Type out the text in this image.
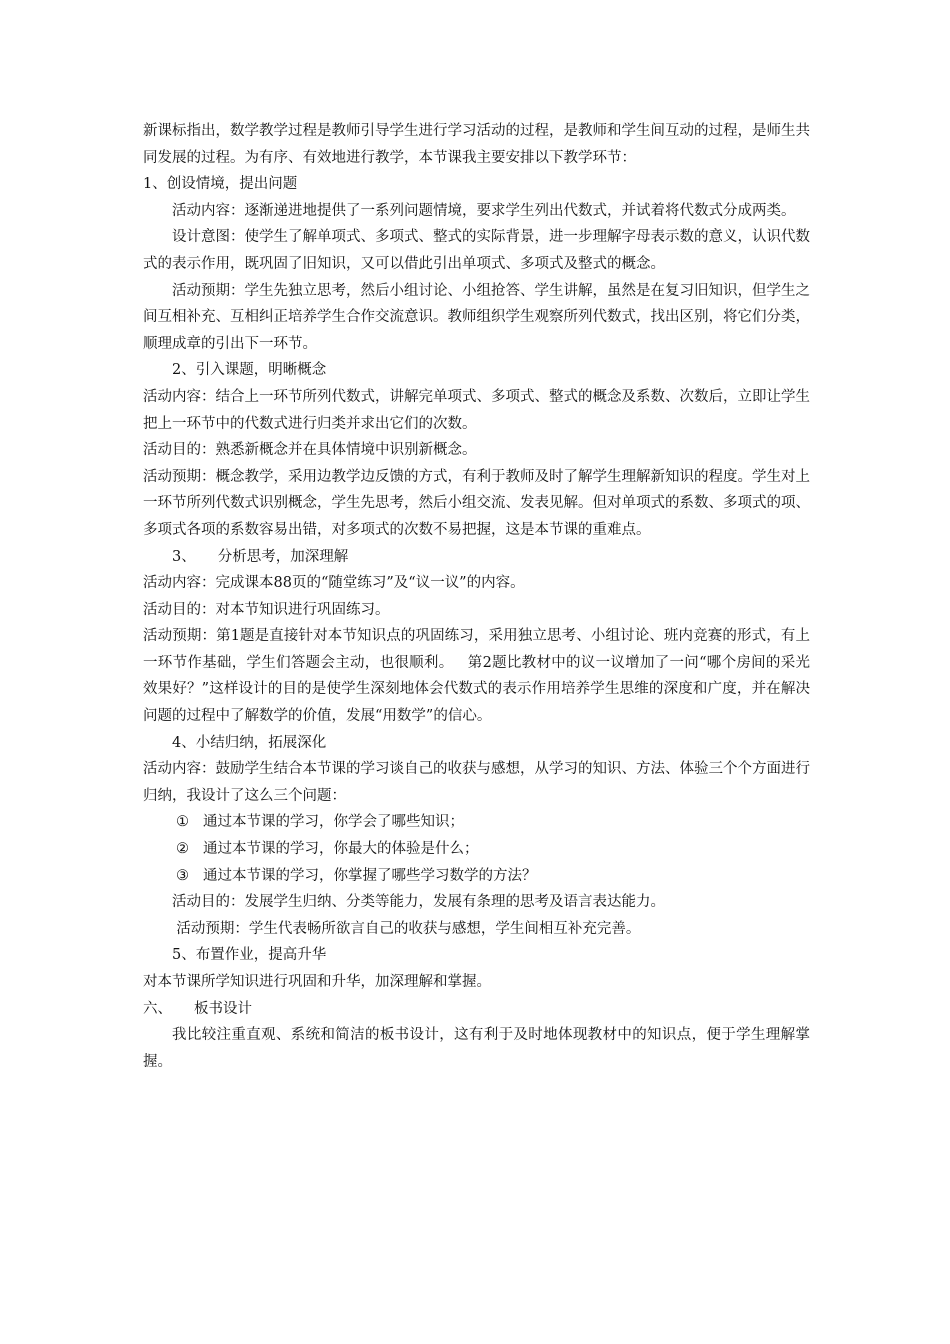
新课标指出，数学教学过程是教师引导学生进行学习活动的过程，是教师和学生间互动的过程，是师生共同发展的过程。为有序、有效地进行教学，本节课我主要安排以下教学环节：

1、创设情境，提出问题

活动内容：逐渐递进地提供了一系列问题情境，要求学生列出代数式，并试着将代数式分成两类。

设计意图：使学生了解单项式、多项式、整式的实际背景，进一步理解字母表示数的意义，认识代数式的表示作用，既巩固了旧知识，又可以借此引出单项式、多项式及整式的概念。

活动预期：学生先独立思考，然后小组讨论、小组抢答、学生讲解，虽然是在复习旧知识，但学生之间互相补充、互相纠正培养学生合作交流意识。教师组织学生观察所列代数式，找出区别，将它们分类，顺理成章的引出下一环节。

2、引入课题，明晰概念

活动内容：结合上一环节所列代数式，讲解完单项式、多项式、整式的概念及系数、次数后，立即让学生把上一环节中的代数式进行归类并求出它们的次数。

活动目的：熟悉新概念并在具体情境中识别新概念。

活动预期：概念教学，采用边教学边反馈的方式，有利于教师及时了解学生理解新知识的程度。学生对上一环节所列代数式识别概念，学生先思考，然后小组交流、发表见解。但对单项式的系数、多项式的项、多项式各项的系数容易出错，对多项式的次数不易把握，这是本节课的重难点。

3、 分析思考，加深理解

活动内容：完成课本88页的“随堂练习”及“议一议”的内容。

活动目的：对本节知识进行巩固练习。

活动预期：第1题是直接针对本节知识点的巩固练习，采用独立思考、小组讨论、班内竞赛的形式，有上一环节作基础，学生们答题会主动，也很顺利。 第2题比教材中的议一议增加了一问“哪个房间的采光效果好？”这样设计的目的是使学生深刻地体会代数式的表示作用培养学生思维的深度和广度，并在解决问题的过程中了解数学的价值，发展“用数学”的信心。

4、小结归纳，拓展深化

活动内容：鼓励学生结合本节课的学习谈自己的收获与感想，从学习的知识、方法、体验三个个方面进行归纳，我设计了这么三个问题：

① 通过本节课的学习，你学会了哪些知识；

② 通过本节课的学习，你最大的体验是什么；

③ 通过本节课的学习，你掌握了哪些学习数学的方法？

活动目的：发展学生归纳、分类等能力，发展有条理的思考及语言表达能力。

活动预期：学生代表畅所欲言自己的收获与感想，学生间相互补充完善。

5、布置作业，提高升华

对本节课所学知识进行巩固和升华，加深理解和掌握。

六、 板书设计

我比较注重直观、系统和简洁的板书设计，这有利于及时地体现教材中的知识点，便于学生理解掌握。
